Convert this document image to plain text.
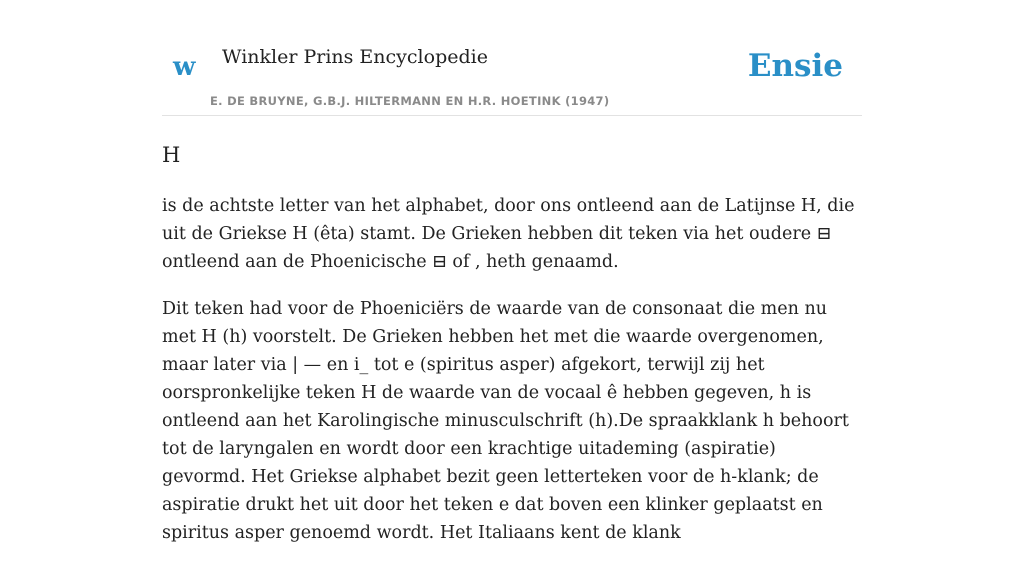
w Winkler Prins Encyclopedie
E. DE BRUYNE, G.B.J. HILTERMANN EN H.R. HOETINK (1947)
Ensie
H

is de achtste letter van het alphabet, door ons ontleend aan de Latijnse H, die uit de Griekse H (êta) stamt. De Grieken hebben dit teken via het oudere ⊟ ontleend aan de Phoenicische ⊟ of , heth genaamd.

Dit teken had voor de Phoeniciërs de waarde van de consonaat die men nu met H (h) voorstelt. De Grieken hebben het met die waarde overgenomen, maar later via | — en i_ tot e (spiritus asper) afgekort, terwijl zij het oorspronkelijke teken H de waarde van de vocaal ê hebben gegeven, h is ontleend aan het Karolingische minusculschrift (h).De spraakklank h behoort tot de laryngalen en wordt door een krachtige uitademing (aspiratie) gevormd. Het Griekse alphabet bezit geen letterteken voor de h-klank; de aspiratie drukt het uit door het teken e dat boven een klinker geplaatst en spiritus asper genoemd wordt. Het Italiaans kent de klank
